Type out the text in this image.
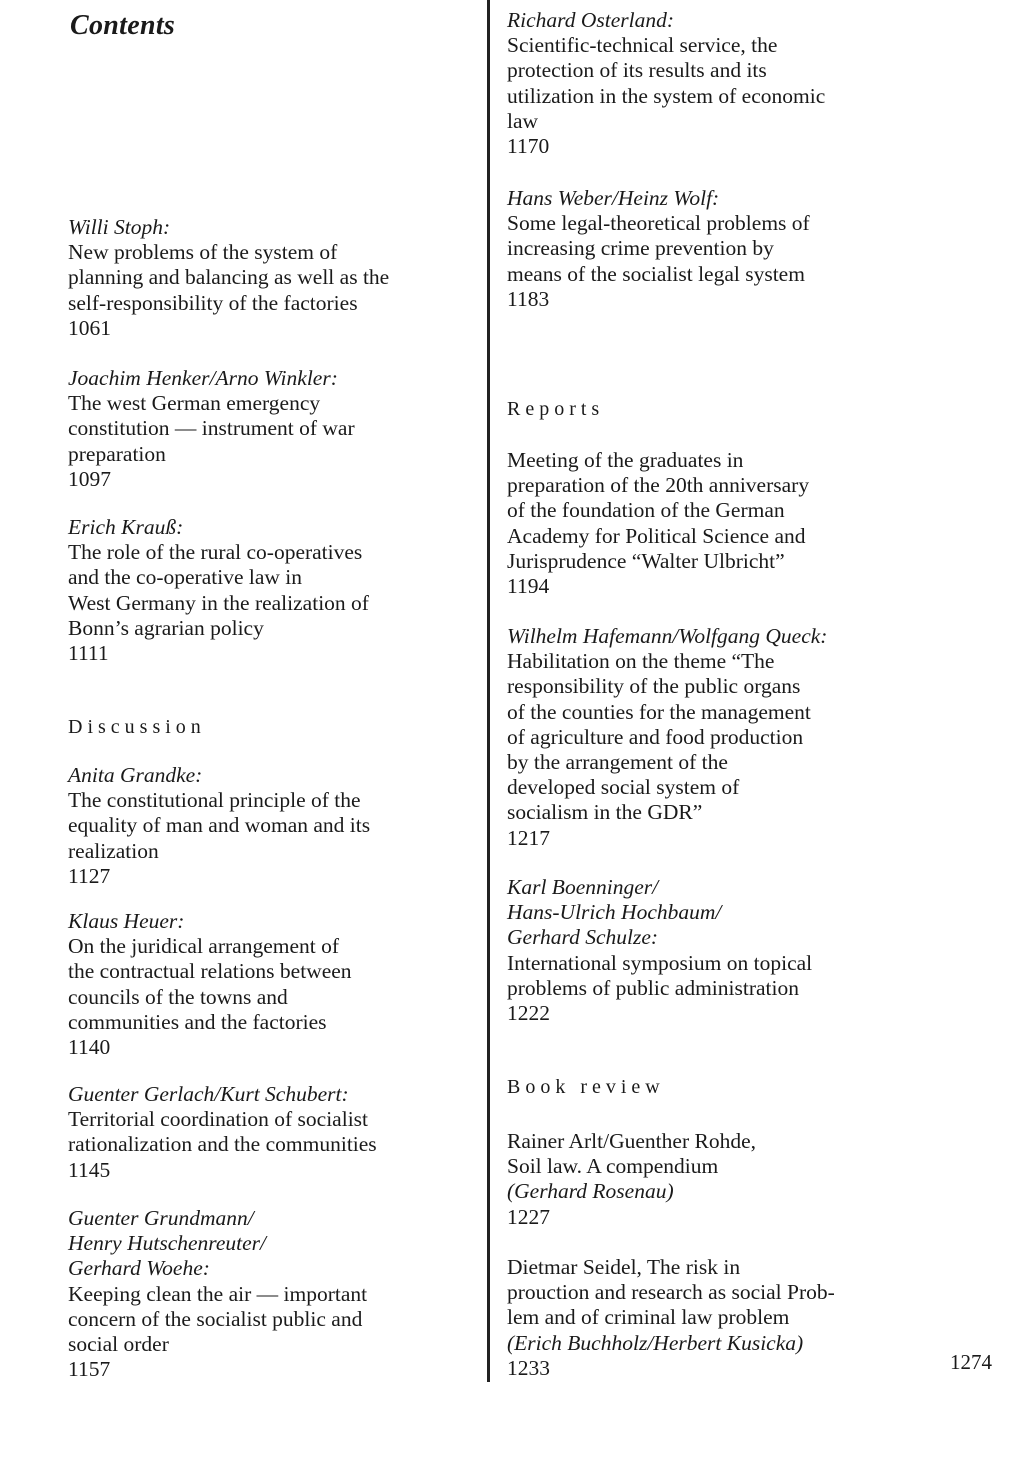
Contents
Willi Stoph:
New problems of the system of
planning and balancing as well as the
self-responsibility of the factories
1061
Joachim Henker/Arno Winkler:
The west German emergency
constitution — instrument of war
preparation
1097
Erich Krauß:
The role of the rural co-operatives
and the co-operative law in
West Germany in the realization of
Bonn’s agrarian policy
1111
Discussion
Anita Grandke:
The constitutional principle of the
equality of man and woman and its
realization
1127
Klaus Heuer:
On the juridical arrangement of
the contractual relations between
councils of the towns and
communities and the factories
1140
Guenter Gerlach/Kurt Schubert:
Territorial coordination of socialist
rationalization and the communities
1145
Guenter Grundmann/
Henry Hutschenreuter/
Gerhard Woehe:
Keeping clean the air — important
concern of the socialist public and
social order
1157
Richard Osterland:
Scientific-technical service, the
protection of its results and its
utilization in the system of economic
law
1170
Hans Weber/Heinz Wolf:
Some legal-theoretical problems of
increasing crime prevention by
means of the socialist legal system
1183
Reports
Meeting of the graduates in
preparation of the 20th anniversary
of the foundation of the German
Academy for Political Science and
Jurisprudence “Walter Ulbricht”
1194
Wilhelm Hafemann/Wolfgang Queck:
Habilitation on the theme “The
responsibility of the public organs
of the counties for the management
of agriculture and food production
by the arrangement of the
developed social system of
socialism in the GDR”
1217
Karl Boenninger/
Hans-Ulrich Hochbaum/
Gerhard Schulze:
International symposium on topical
problems of public administration
1222
Book review
Rainer Arlt/Guenther Rohde,
Soil law. A compendium
(Gerhard Rosenau)
1227
Dietmar Seidel, The risk in
prouction and research as social Prob-
lem and of criminal law problem
(Erich Buchholz/Herbert Kusicka)
1233	1274
